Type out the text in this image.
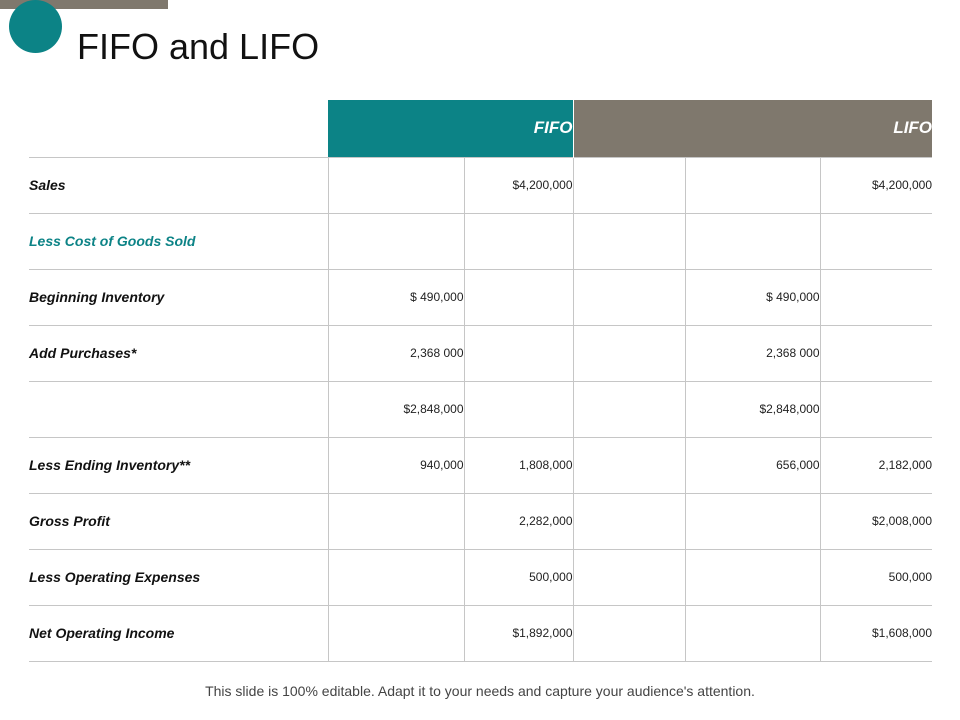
FIFO and LIFO
	FIFO		LIFO		
Sales		$4,200,000			$4,200,000
Less Cost of Goods Sold					
Beginning Inventory	$ 490,000			$ 490,000	
Add Purchases*	2,368 000			2,368 000	
	$2,848,000			$2,848,000	
Less Ending Inventory**	940,000	1,808,000		656,000	2,182,000
Gross Profit		2,282,000			$2,008,000
Less Operating Expenses		500,000			500,000
Net Operating Income		$1,892,000			$1,608,000
This slide is 100% editable. Adapt it to your needs and capture your audience's attention.
